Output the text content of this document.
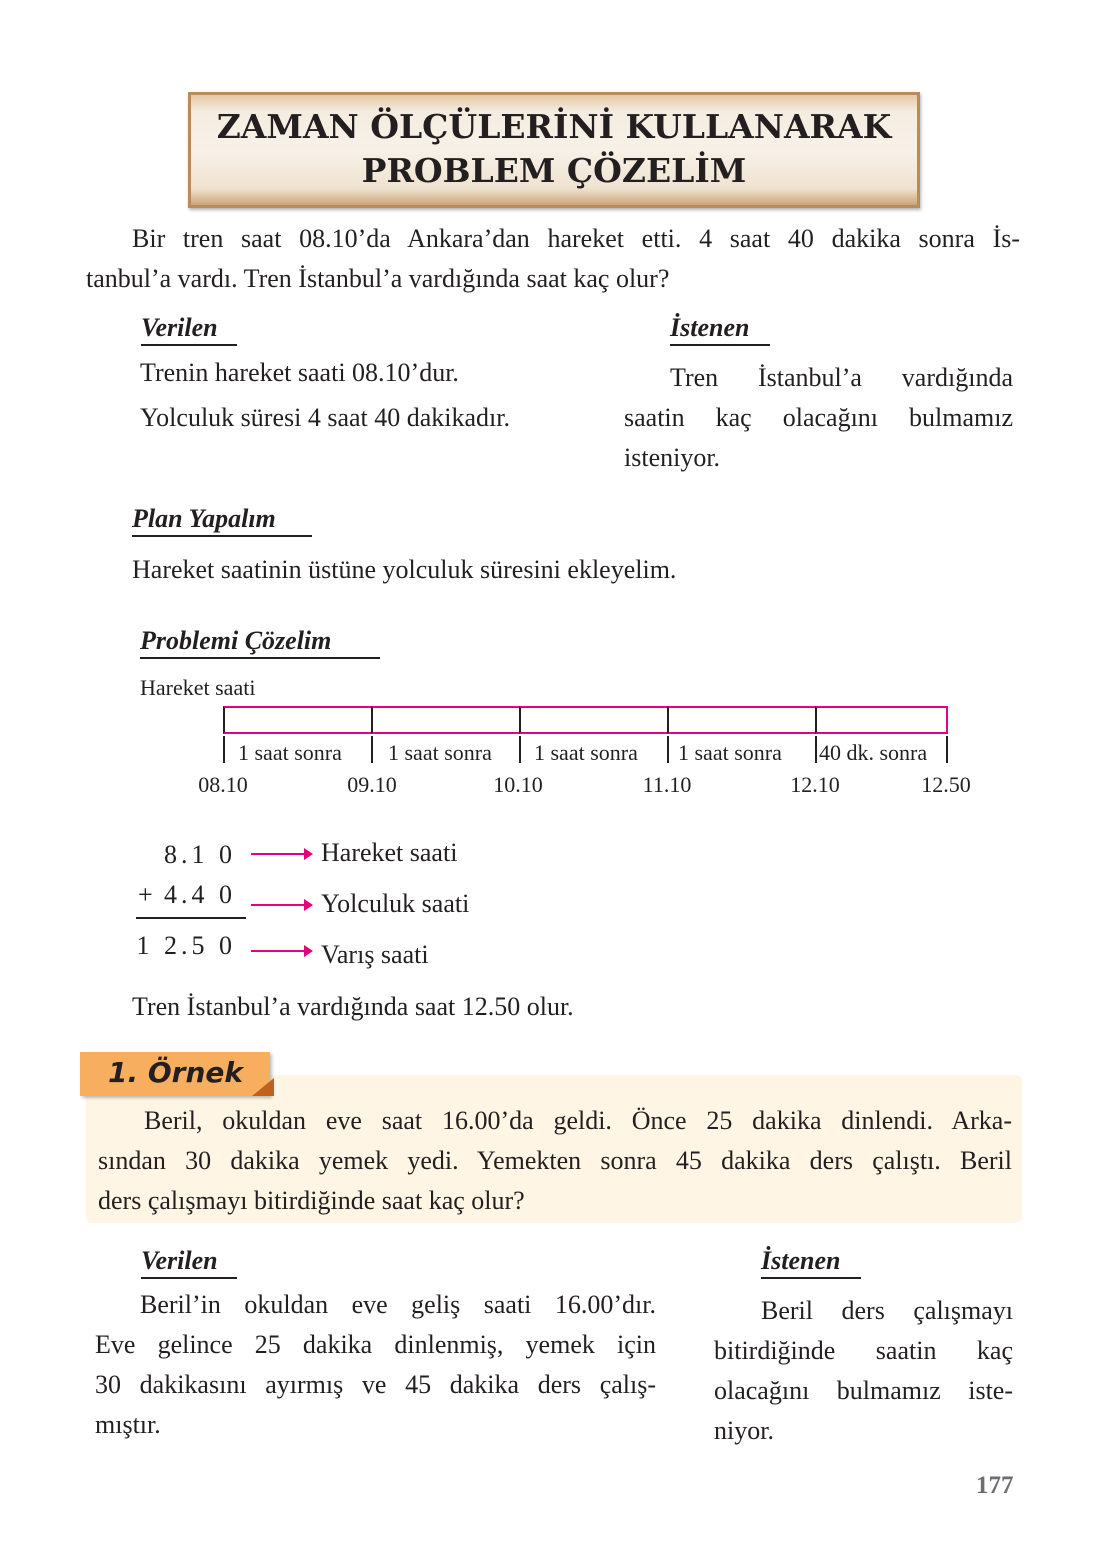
ZAMAN ÖLÇÜLERİNİ KULLANARAK
PROBLEM ÇÖZELİM
Bir tren saat 08.10’da Ankara’dan hareket etti. 4 saat 40 dakika sonra İs-
tanbul’a vardı. Tren İstanbul’a vardığında saat kaç olur?
Verilen
Trenin hareket saati 08.10’dur.
Yolculuk süresi 4 saat 40 dakikadır.
İstenen
Tren İstanbul’a vardığında
saatin kaç olacağını bulmamız
isteniyor.
Plan Yapalım
Hareket saatinin üstüne yolculuk süresini ekleyelim.
Problemi Çözelim
Hareket saati
1 saat sonra 1 saat sonra 1 saat sonra 1 saat sonra 40 dk. sonra
08.10	09.10	10.10	11.10	12.10	12.50
8.1 0
+ 4.4 0
1 2.5 0
Hareket saati
Yolculuk saati
Varış saati
Tren İstanbul’a vardığında saat 12.50 olur.
1. Örnek
Beril, okuldan eve saat 16.00’da geldi. Önce 25 dakika dinlendi. Arka-
sından 30 dakika yemek yedi. Yemekten sonra 45 dakika ders çalıştı. Beril
ders çalışmayı bitirdiğinde saat kaç olur?
Verilen
Beril’in okuldan eve geliş saati 16.00’dır.
Eve gelince 25 dakika dinlenmiş, yemek için
30 dakikasını ayırmış ve 45 dakika ders çalış-
mıştır.
İstenen
Beril ders çalışmayı
bitirdiğinde saatin kaç
olacağını bulmamız iste-
niyor.
177
